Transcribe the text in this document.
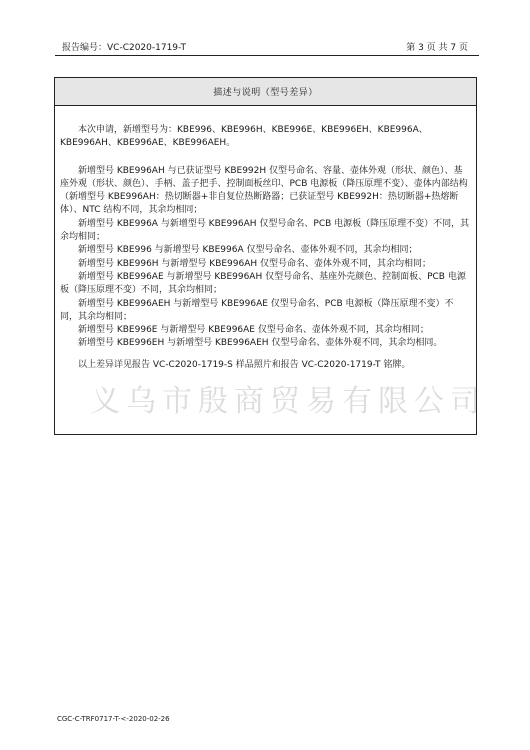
报告编号：VC-C2020-1719-T	第 3 页 共 7 页
描述与说明（型号差异）

本次申请，新增型号为：KBE996、KBE996H、KBE996E、KBE996EH、KBE996A、KBE996AH、KBE996AE、KBE996AEH。

新增型号 KBE996AH 与已获证型号 KBE992H 仅型号命名、容量、壶体外观（形状、颜色）、基座外观（形状、颜色）、手柄、盖子把手、控制面板丝印、PCB 电源板（降压原理不变）、壶体内部结构（新增型号 KBE996AH：热切断器+非自复位热断路器；已获证型号 KBE992H：热切断器+热熔断体）、NTC 结构不同，其余均相同；

新增型号 KBE996A 与新增型号 KBE996AH 仅型号命名、PCB 电源板（降压原理不变）不同，其余均相同；

新增型号 KBE996 与新增型号 KBE996A 仅型号命名、壶体外观不同，其余均相同；

新增型号 KBE996H 与新增型号 KBE996AH 仅型号命名、壶体外观不同，其余均相同；

新增型号 KBE996AE 与新增型号 KBE996AH 仅型号命名、基座外壳颜色、控制面板、PCB 电源板（降压原理不变）不同，其余均相同；

新增型号 KBE996AEH 与新增型号 KBE996AE 仅型号命名、PCB 电源板（降压原理不变）不同，其余均相同；

新增型号 KBE996E 与新增型号 KBE996AE 仅型号命名、壶体外观不同，其余均相同；

新增型号 KBE996EH 与新增型号 KBE996AEH 仅型号命名、壶体外观不同，其余均相同。

以上差异详见报告 VC-C2020-1719-S 样品照片和报告 VC-C2020-1719-T 铭牌。

义乌市殷商贸易有限公司
CGC-C-TRF0717-T-<-2020-02-26
